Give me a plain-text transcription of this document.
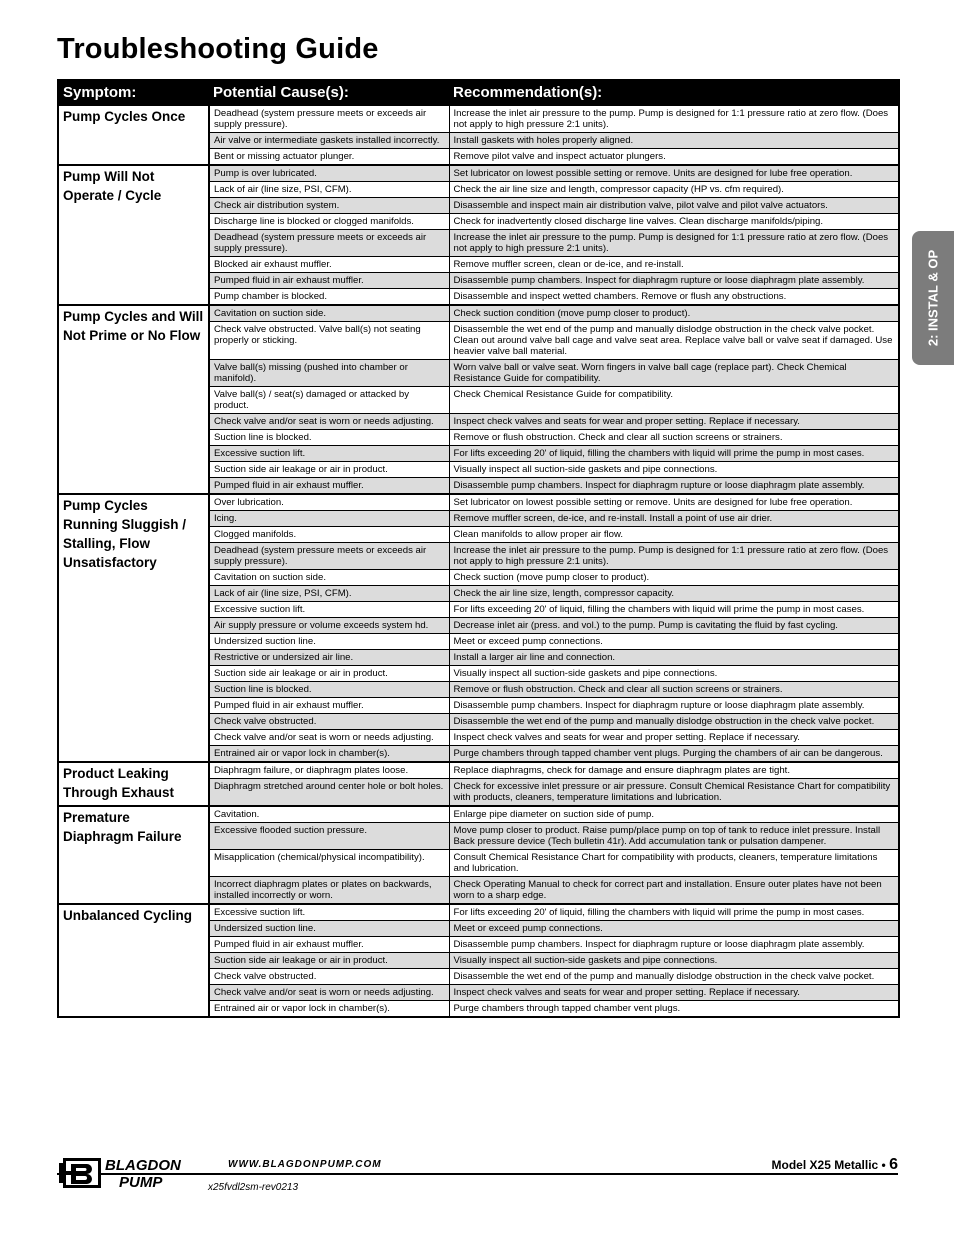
Troubleshooting Guide
2: INSTAL & OP
Symptom:	Potential Cause(s):	Recommendation(s):
Pump Cycles Once	Deadhead (system pressure meets or exceeds air supply pressure).	Increase the inlet air pressure to the pump. Pump is designed for 1:1 pressure ratio at zero flow. (Does not apply to high pressure 2:1 units).
	Air valve or intermediate gaskets installed incorrectly.	Install gaskets with holes properly aligned.
	Bent or missing actuator plunger.	Remove pilot valve and inspect actuator plungers.
Pump Will Not Operate / Cycle	Pump is over lubricated.	Set lubricator on lowest possible setting or remove. Units are designed for lube free operation.
	Lack of air (line size, PSI, CFM).	Check the air line size and length, compressor capacity (HP vs. cfm required).
	Check air distribution system.	Disassemble and inspect main air distribution valve, pilot valve and pilot valve actuators.
	Discharge line is blocked or clogged manifolds.	Check for inadvertently closed discharge line valves. Clean discharge manifolds/piping.
	Deadhead (system pressure meets or exceeds air supply pressure).	Increase the inlet air pressure to the pump. Pump is designed for 1:1 pressure ratio at zero flow. (Does not apply to high pressure 2:1 units).
	Blocked air exhaust muffler.	Remove muffler screen, clean or de-ice, and re-install.
	Pumped fluid in air exhaust muffler.	Disassemble pump chambers. Inspect for diaphragm rupture or loose diaphragm plate assembly.
	Pump chamber is blocked.	Disassemble and inspect wetted chambers. Remove or flush any obstructions.
Pump Cycles and Will Not Prime or No Flow	Cavitation on suction side.	Check suction condition (move pump closer to product).
	Check valve obstructed. Valve ball(s) not seating properly or sticking.	Disassemble the wet end of the pump and manually dislodge obstruction in the check valve pocket. Clean out around valve ball cage and valve seat area. Replace valve ball or valve seat if damaged. Use heavier valve ball material.
	Valve ball(s) missing (pushed into chamber or manifold).	Worn valve ball or valve seat. Worn fingers in valve ball cage (replace part). Check Chemical Resistance Guide for compatibility.
	Valve ball(s) / seat(s) damaged or attacked by product.	Check Chemical Resistance Guide for compatibility.
	Check valve and/or seat is worn or needs adjusting.	Inspect check valves and seats for wear and proper setting. Replace if necessary.
	Suction line is blocked.	Remove or flush obstruction. Check and clear all suction screens or strainers.
	Excessive suction lift.	For lifts exceeding 20' of liquid, filling the chambers with liquid will prime the pump in most cases.
	Suction side air leakage or air in product.	Visually inspect all suction-side gaskets and pipe connections.
	Pumped fluid in air exhaust muffler.	Disassemble pump chambers. Inspect for diaphragm rupture or loose diaphragm plate assembly.
Pump Cycles Running Sluggish / Stalling, Flow Unsatisfactory	Over lubrication.	Set lubricator on lowest possible setting or remove. Units are designed for lube free operation.
	Icing.	Remove muffler screen, de-ice, and re-install. Install a point of use air drier.
	Clogged manifolds.	Clean manifolds to allow proper air flow.
	Deadhead (system pressure meets or exceeds air supply pressure).	Increase the inlet air pressure to the pump. Pump is designed for 1:1 pressure ratio at zero flow. (Does not apply to high pressure 2:1 units).
	Cavitation on suction side.	Check suction (move pump closer to product).
	Lack of air (line size, PSI, CFM).	Check the air line size, length, compressor capacity.
	Excessive suction lift.	For lifts exceeding 20' of liquid, filling the chambers with liquid will prime the pump in most cases.
	Air supply pressure or volume exceeds system hd.	Decrease inlet air (press. and vol.) to the pump. Pump is cavitating the fluid by fast cycling.
	Undersized suction line.	Meet or exceed pump connections.
	Restrictive or undersized air line.	Install a larger air line and connection.
	Suction side air leakage or air in product.	Visually inspect all suction-side gaskets and pipe connections.
	Suction line is blocked.	Remove or flush obstruction. Check and clear all suction screens or strainers.
	Pumped fluid in air exhaust muffler.	Disassemble pump chambers. Inspect for diaphragm rupture or loose diaphragm plate assembly.
	Check valve obstructed.	Disassemble the wet end of the pump and manually dislodge obstruction in the check valve pocket.
	Check valve and/or seat is worn or needs adjusting.	Inspect check valves and seats for wear and proper setting. Replace if necessary.
	Entrained air or vapor lock in chamber(s).	Purge chambers through tapped chamber vent plugs. Purging the chambers of air can be dangerous.
Product Leaking Through Exhaust	Diaphragm failure, or diaphragm plates loose.	Replace diaphragms, check for damage and ensure diaphragm plates are tight.
	Diaphragm stretched around center hole or bolt holes.	Check for excessive inlet pressure or air pressure. Consult Chemical Resistance Chart for compatibility with products, cleaners, temperature limitations and lubrication.
Premature Diaphragm Failure	Cavitation.	Enlarge pipe diameter on suction side of pump.
	Excessive flooded suction pressure.	Move pump closer to product. Raise pump/place pump on top of tank to reduce inlet pressure. Install Back pressure device (Tech bulletin 41r). Add accumulation tank or pulsation dampener.
	Misapplication (chemical/physical incompatibility).	Consult Chemical Resistance Chart for compatibility with products, cleaners, temperature limitations and lubrication.
	Incorrect diaphragm plates or plates on backwards, installed incorrectly or worn.	Check Operating Manual to check for correct part and installation. Ensure outer plates have not been worn to a sharp edge.
Unbalanced Cycling	Excessive suction lift.	For lifts exceeding 20' of liquid, filling the chambers with liquid will prime the pump in most cases.
	Undersized suction line.	Meet or exceed pump connections.
	Pumped fluid in air exhaust muffler.	Disassemble pump chambers. Inspect for diaphragm rupture or loose diaphragm plate assembly.
	Suction side air leakage or air in product.	Visually inspect all suction-side gaskets and pipe connections.
	Check valve obstructed.	Disassemble the wet end of the pump and manually dislodge obstruction in the check valve pocket.
	Check valve and/or seat is worn or needs adjusting.	Inspect check valves and seats for wear and proper setting. Replace if necessary.
	Entrained air or vapor lock in chamber(s).	Purge chambers through tapped chamber vent plugs.
BLAGDON
PUMP
WWW.BLAGDONPUMP.COM
x25fvdl2sm-rev0213
Model X25 Metallic • 6
